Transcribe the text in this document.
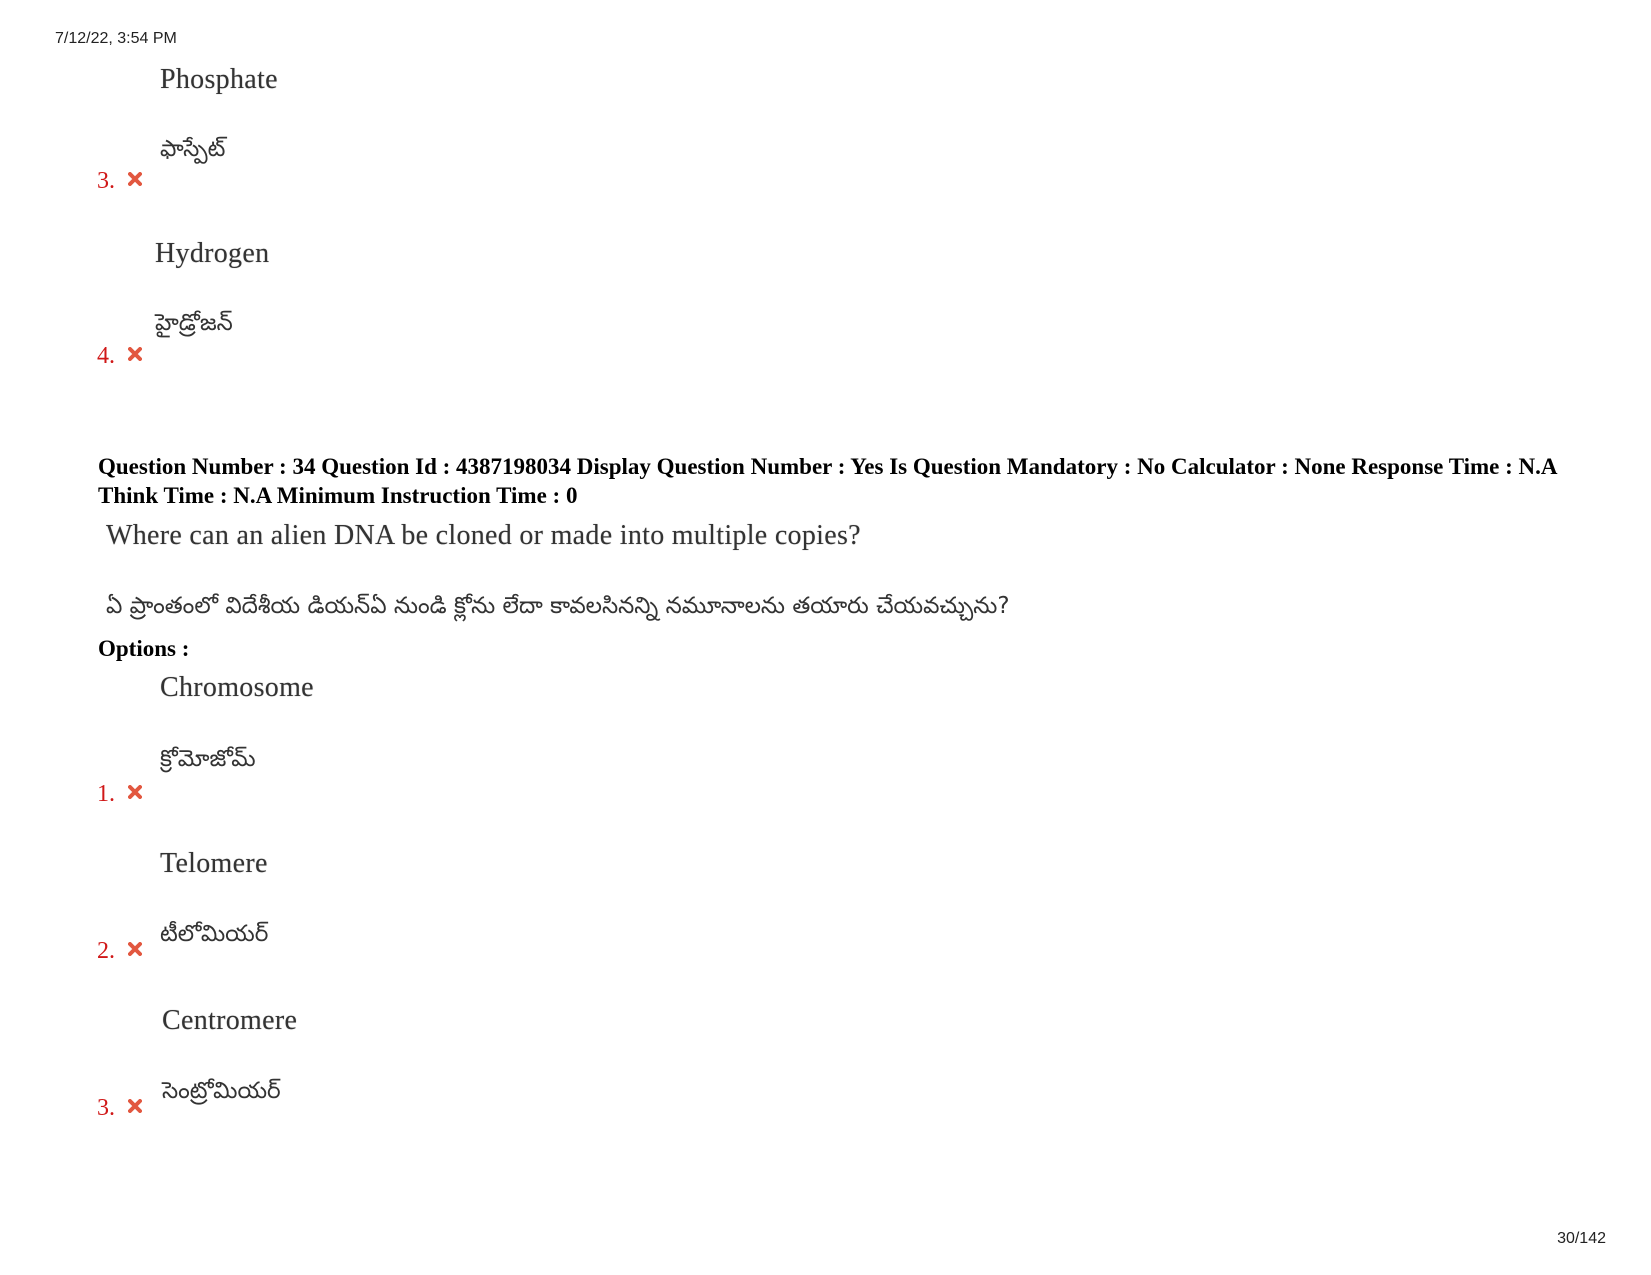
7/12/22, 3:54 PM
Phosphate
ఫాస్పేట్
3.
Hydrogen
హైడ్రోజన్
4.
Question Number : 34 Question Id : 4387198034 Display Question Number : Yes Is Question Mandatory : No Calculator : None Response Time : N.A Think Time : N.A Minimum Instruction Time : 0
Where can an alien DNA be cloned or made into multiple copies?
ఏ ప్రాంతంలో విదేశీయ డియన్ఏ నుండి క్లోను లేదా కావలసినన్ని నమూనాలను తయారు చేయవచ్చును?
Options :
Chromosome
క్రోమోజోమ్
1.
Telomere
టీలోమియర్
2.
Centromere
సెంట్రోమియర్
3.
30/142
